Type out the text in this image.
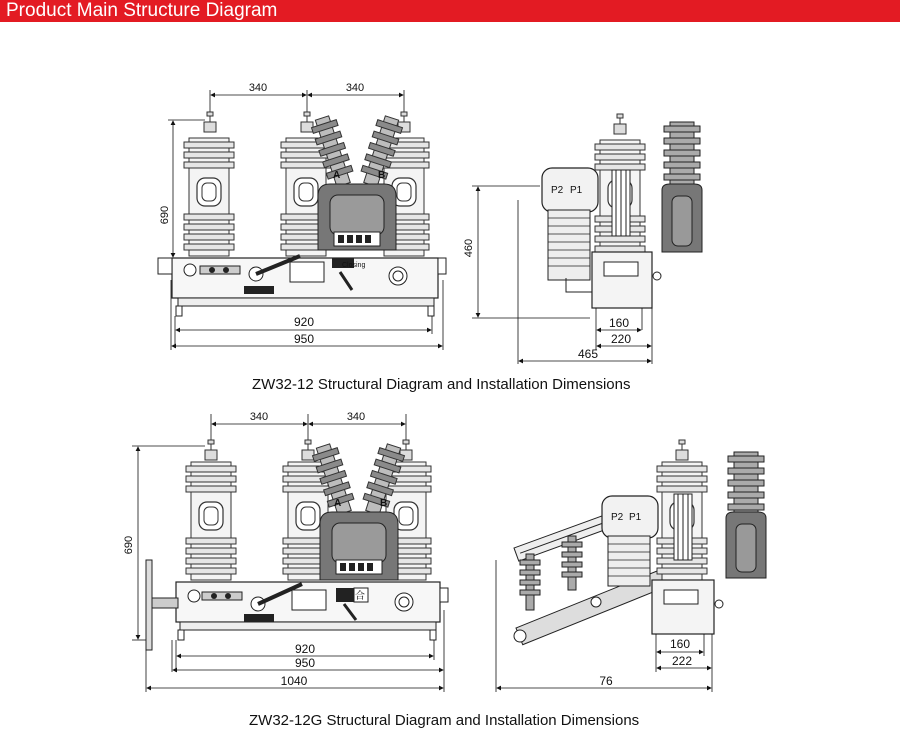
Product Main Structure Diagram
340	340
690
A	B
Closing
920
950
460
P2 P1
160
220
465
340	340
690
A	B
合
920
950
1040
P2 P1
160
222
76
ZW32-12 Structural Diagram and Installation Dimensions
ZW32-12G Structural Diagram and Installation Dimensions
